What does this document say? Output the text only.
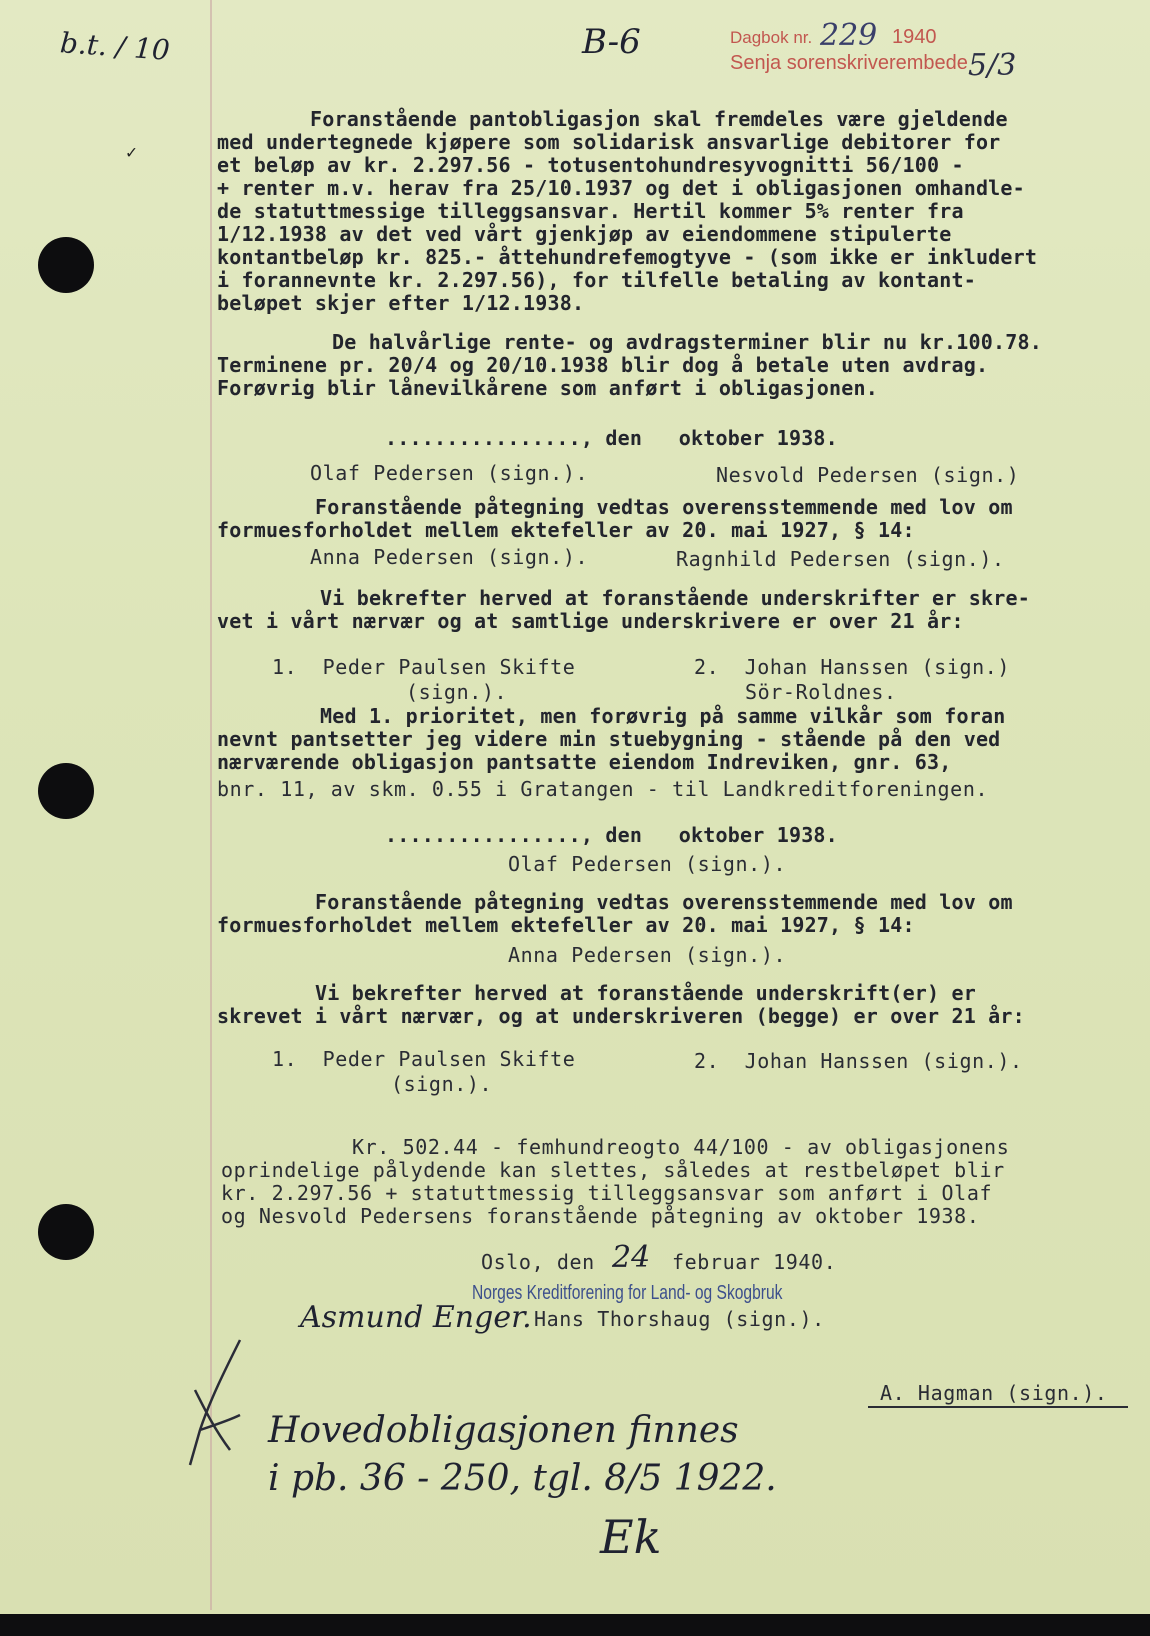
✓
b.t. / 10	B-6	Dagbok nr. 229 1940
Senja sorenskriverembede 5/3
Foranstående pantobligasjon skal fremdeles være gjeldende
med undertegnede kjøpere som solidarisk ansvarlige debitorer for
et beløp av kr. 2.297.56 - totusentohundresyvognitti 56/100 -
+ renter m.v. herav fra 25/10.1937 og det i obligasjonen omhandle-
de statuttmessige tilleggsansvar. Hertil kommer 5% renter fra
1/12.1938 av det ved vårt gjenkjøp av eiendommene stipulerte
kontantbeløp kr. 825.- åttehundrefemogtyve - (som ikke er inkludert
i forannevnte kr. 2.297.56), for tilfelle betaling av kontant-
beløpet skjer efter 1/12.1938.
De halvårlige rente- og avdragsterminer blir nu kr.100.78.
Terminene pr. 20/4 og 20/10.1938 blir dog å betale uten avdrag.
Forøvrig blir lånevilkårene som anført i obligasjonen.
................, den   oktober 1938.
Olaf Pedersen (sign.).	Nesvold Pedersen (sign.)
Foranstående påtegning vedtas overensstemmende med lov om
formuesforholdet mellem ektefeller av 20. mai 1927, § 14:
Anna Pedersen (sign.).	Ragnhild Pedersen (sign.).
Vi bekrefter herved at foranstående underskrifter er skre-
vet i vårt nærvær og at samtlige underskrivere er over 21 år:
1.  Peder Paulsen Skifte
(sign.).
2.  Johan Hanssen (sign.)
Sör-Roldnes.
Med 1. prioritet, men forøvrig på samme vilkår som foran
nevnt pantsetter jeg videre min stuebygning - stående på den ved
nærværende obligasjon pantsatte eiendom Indreviken, gnr. 63,
bnr. 11, av skm. 0.55 i Gratangen - til Landkreditforeningen.
................, den   oktober 1938.
Olaf Pedersen (sign.).
Foranstående påtegning vedtas overensstemmende med lov om
formuesforholdet mellem ektefeller av 20. mai 1927, § 14:
Anna Pedersen (sign.).
Vi bekrefter herved at foranstående underskrift(er) er
skrevet i vårt nærvær, og at underskriveren (begge) er over 21 år:
1.  Peder Paulsen Skifte
(sign.).
2.  Johan Hanssen (sign.).
Kr. 502.44 - femhundreogto 44/100 - av obligasjonens
oprindelige pålydende kan slettes, således at restbeløpet blir
kr. 2.297.56 + statuttmessig tilleggsansvar som anført i Olaf
og Nesvold Pedersens foranstående påtegning av oktober 1938.
Oslo, den 24 februar 1940.
Norges Kreditforening for Land- og Skogbruk
Hans Thorshaug (sign.).
Asmund Enger.
A. Hagman (sign.).
Hovedobligasjonen finnes
i pb. 36 - 250, tgl. 8/5 1922.
Ek
